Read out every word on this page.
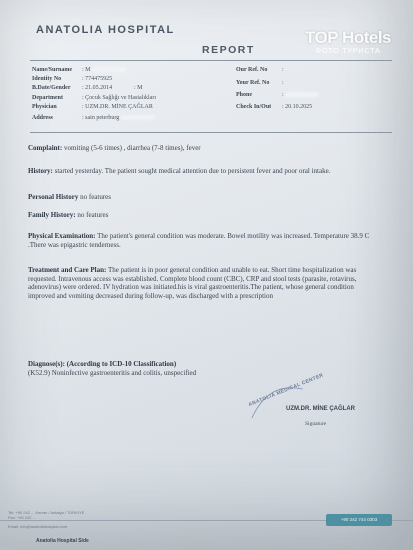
ANATOLIA HOSPITAL
REPORT
TOP Hotels
ФОТО ТУРИСТА
Name/Surname : M
Identity No	: 774475925
B.Date/Gender : 21.05.2014	: M
Department	: Çocuk Sağlığı ve Hastalıkları
Physician	: UZM.DR. MİNE ÇAĞLAR
Address	: sain peterburg
Our Ref. No :
Your Ref. No :
Phone	:
Check In/Out : 20.10.2025
Complaint: vomiting (5-6 times) , diarrhea (7-8 times), fever
History: started yesterday. The patient sought medical attention due to persistent fever and poor oral intake.
Personal History no features
Family History: no features
Physical Examination: The patient's general condition was moderate. Bowel motility was increased. Temperature 38.9 C .There was epigastric tenderness.
Treatment and Care Plan: The patient is in poor general condition and unable to eat. Short time hospitalization was requested. Intravenous access was established. Complete blood count (CBC), CRP and stool tests (parasite, rotavirus, adenovirus) were ordered. IV hydration was initiated.his is viral gastroenteritis.The patient, whose general condition improved and vomiting decreased during follow-up, was discharged with a prescription
Diagnose(s): (According to ICD-10 Classification)
(K52.9) Noninfective gastroenteritis and colitis, unspecified	ANATOLIA MEDICAL CENTER
UZM.DR. MİNE ÇAĞLAR
Signature
Tel: +90 242 ... Kemer / Antalya / TURKIYE
Fax: +90 242 ...
Email: info@anatoliahospital.com
+90 242 744 0303
Anatolia Hospital Side
